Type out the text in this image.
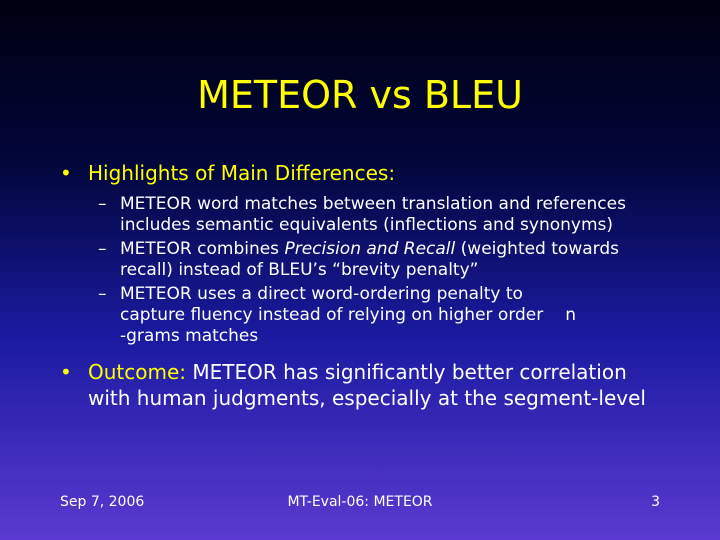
METEOR vs BLEU
• Highlights of Main Differences:
– METEOR word matches between translation and references includes semantic equivalents (inflections and synonyms)
– METEOR combines Precision and Recall (weighted towards recall) instead of BLEU’s “brevity penalty”
– METEOR uses a direct word-ordering penalty to
capture fluency instead of relying on higher order n
-grams matches
• Outcome: METEOR has significantly better correlation with human judgments, especially at the segment-level
Sep 7, 2006	MT-Eval-06: METEOR	3
